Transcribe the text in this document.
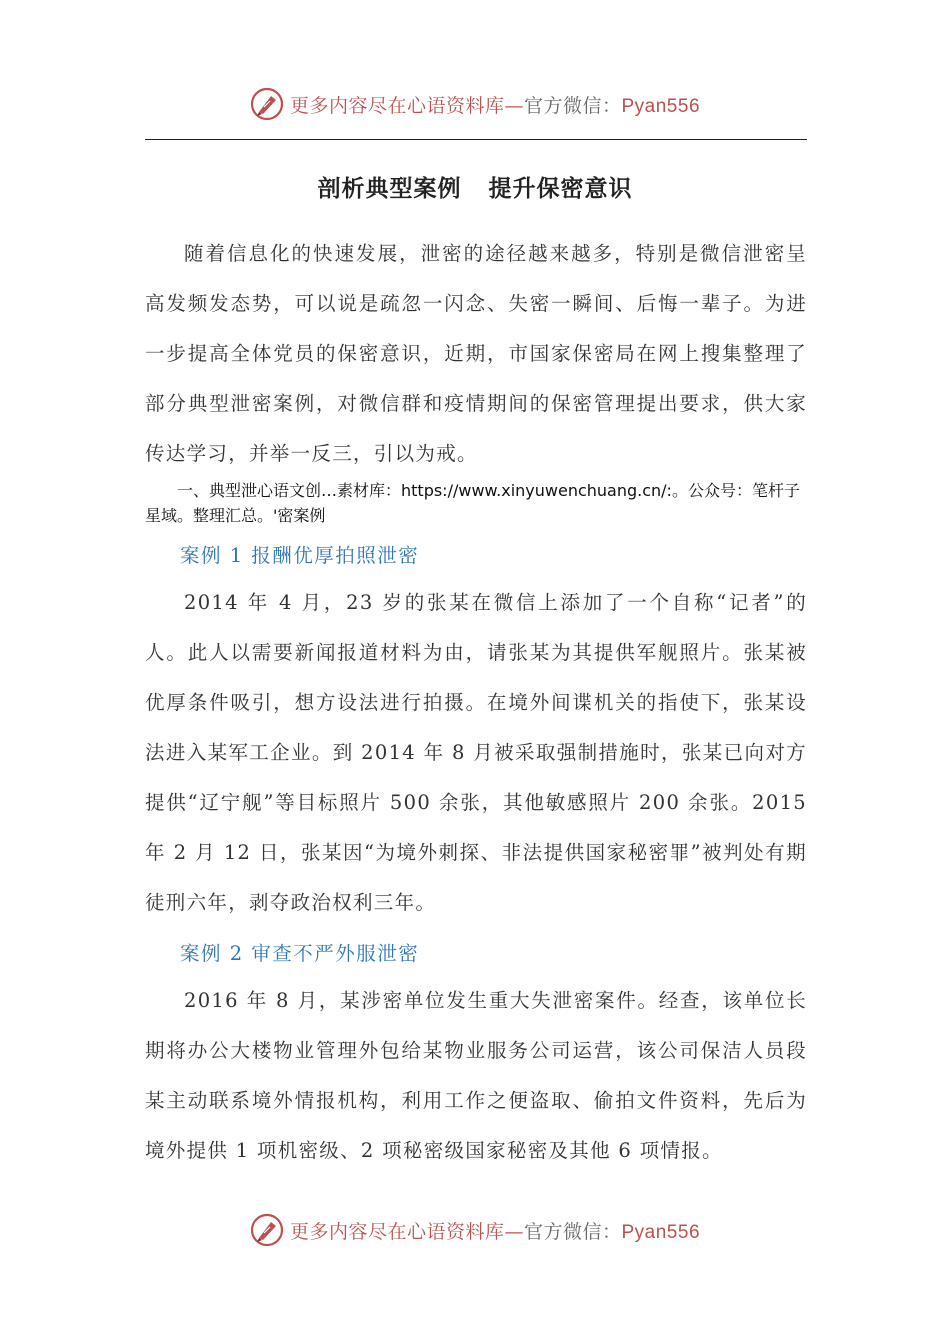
更多内容尽在心语资料库—官方微信：Pyan556
剖析典型案例   提升保密意识

随着信息化的快速发展，泄密的途径越来越多，特别是微信泄密呈高发频发态势，可以说是疏忽一闪念、失密一瞬间、后悔一辈子。为进一步提高全体党员的保密意识，近期，市国家保密局在网上搜集整理了部分典型泄密案例，对微信群和疫情期间的保密管理提出要求，供大家传达学习，并举一反三，引以为戒。

一、典型泄心语文创…素材库：https://www.xinyuwenchuang.cn/:。公众号：笔杆子星域。整理汇总。'密案例
案例 1 报酬优厚拍照泄密

2014 年 4 月，23 岁的张某在微信上添加了一个自称“记者”的人。此人以需要新闻报道材料为由，请张某为其提供军舰照片。张某被优厚条件吸引，想方设法进行拍摄。在境外间谍机关的指使下，张某设法进入某军工企业。到 2014 年 8 月被采取强制措施时，张某已向对方提供“辽宁舰”等目标照片 500 余张，其他敏感照片 200 余张。2015 年 2 月 12 日，张某因“为境外刺探、非法提供国家秘密罪”被判处有期徒刑六年，剥夺政治权利三年。

案例 2 审查不严外服泄密

2016 年 8 月，某涉密单位发生重大失泄密案件。经查，该单位长期将办公大楼物业管理外包给某物业服务公司运营，该公司保洁人员段某主动联系境外情报机构，利用工作之便盗取、偷拍文件资料，先后为境外提供 1 项机密级、2 项秘密级国家秘密及其他 6 项情报。

更多内容尽在心语资料库—官方微信：Pyan556
